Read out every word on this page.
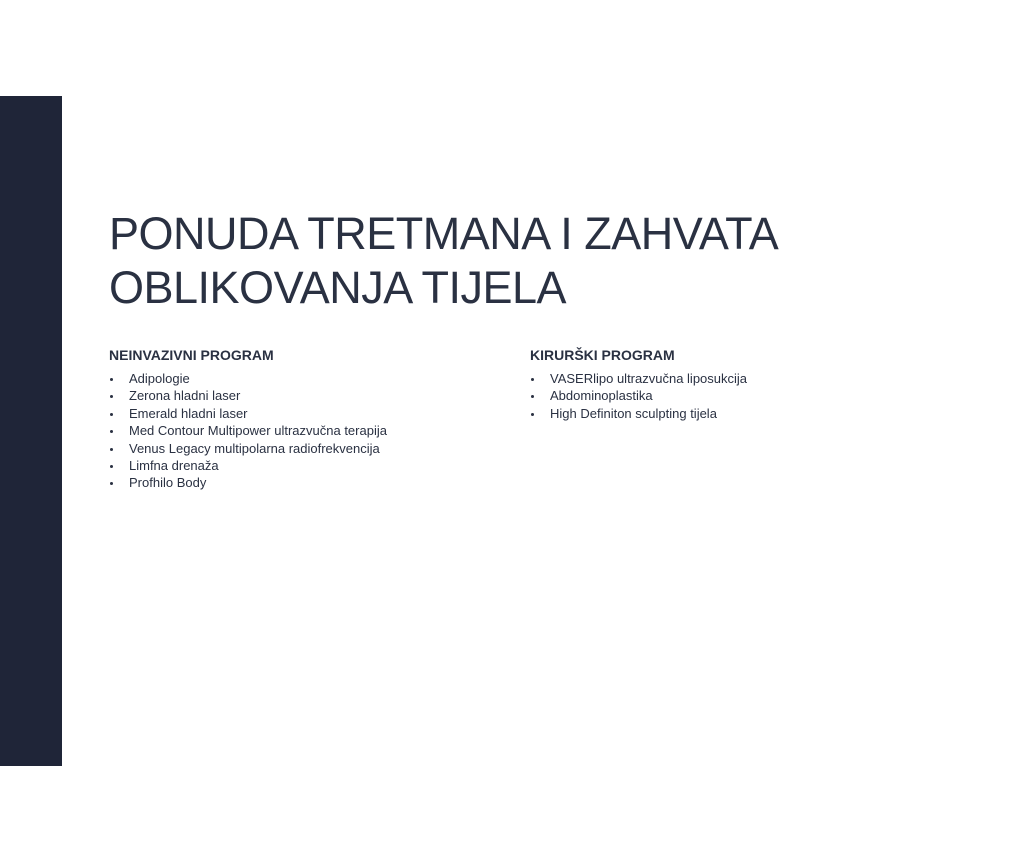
PONUDA TRETMANA I ZAHVATA
OBLIKOVANJA TIJELA
NEINVAZIVNI PROGRAM
Adipologie
Zerona hladni laser
Emerald hladni laser
Med Contour Multipower ultrazvučna terapija
Venus Legacy multipolarna radiofrekvencija
Limfna drenaža
Profhilo Body
KIRURŠKI PROGRAM
VASERlipo ultrazvučna liposukcija
Abdominoplastika
High Definiton sculpting tijela
